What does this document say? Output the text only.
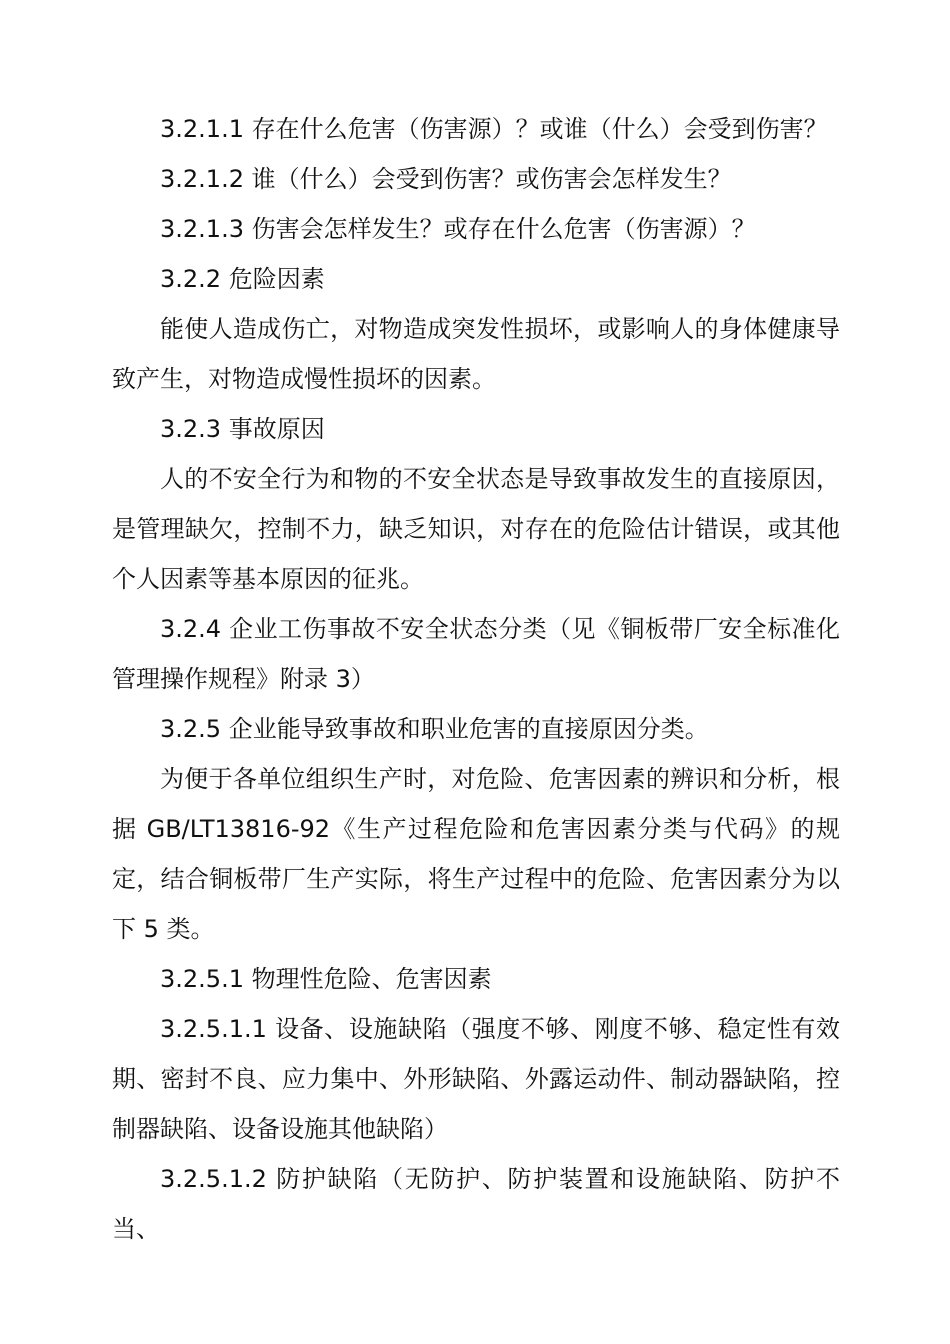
3.2.1.1 存在什么危害（伤害源）？或谁（什么）会受到伤害？

3.2.1.2 谁（什么）会受到伤害？或伤害会怎样发生？

3.2.1.3 伤害会怎样发生？或存在什么危害（伤害源）？

3.2.2 危险因素

能使人造成伤亡，对物造成突发性损坏，或影响人的身体健康导致产生，对物造成慢性损坏的因素。

3.2.3 事故原因

人的不安全行为和物的不安全状态是导致事故发生的直接原因，是管理缺欠，控制不力，缺乏知识，对存在的危险估计错误，或其他个人因素等基本原因的征兆。

3.2.4 企业工伤事故不安全状态分类（见《铜板带厂安全标准化管理操作规程》附录 3）

3.2.5 企业能导致事故和职业危害的直接原因分类。

为便于各单位组织生产时，对危险、危害因素的辨识和分析，根据 GB/LT13816-92《生产过程危险和危害因素分类与代码》的规定，结合铜板带厂生产实际，将生产过程中的危险、危害因素分为以下 5 类。

3.2.5.1 物理性危险、危害因素

3.2.5.1.1 设备、设施缺陷（强度不够、刚度不够、稳定性有效期、密封不良、应力集中、外形缺陷、外露运动件、制动器缺陷，控制器缺陷、设备设施其他缺陷）

3.2.5.1.2 防护缺陷（无防护、防护装置和设施缺陷、防护不当、
